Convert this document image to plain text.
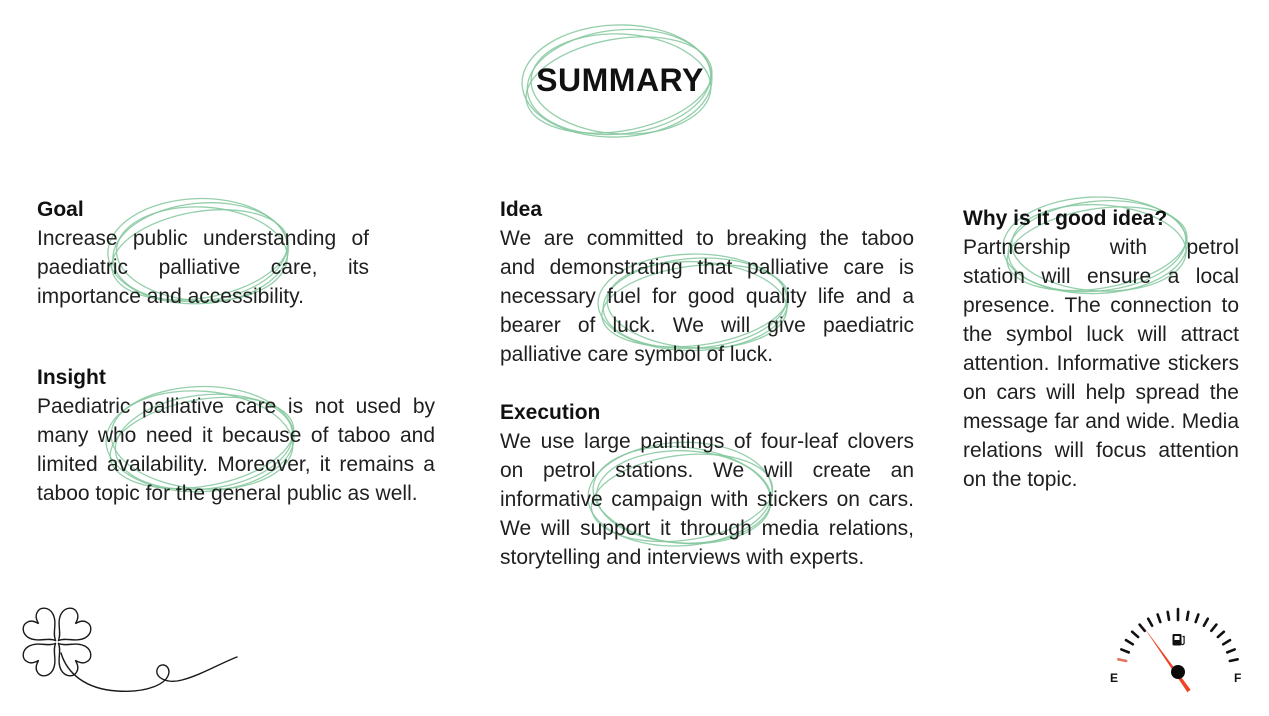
SUMMARY
Goal

Increase public understanding of paediatric palliative care, its importance and accessibility.

Insight

Paediatric palliative care is not used by many who need it because of taboo and limited availability. Moreover, it remains a taboo topic for the general public as well.

Idea

We are committed to breaking the taboo and demonstrating that palliative care is necessary fuel for good quality life and a bearer of luck. We will give paediatric palliative care symbol of luck.

Execution

We use large paintings of four-leaf clovers on petrol stations. We will create an informative campaign with stickers on cars. We will support it through media relations, storytelling and interviews with experts.

Why is it good idea?

Partnership with petrol station will ensure a local presence. The connection to the symbol luck will attract attention. Informative stickers on cars will help spread the message far and wide. Media relations will focus attention on the topic.

E	F
